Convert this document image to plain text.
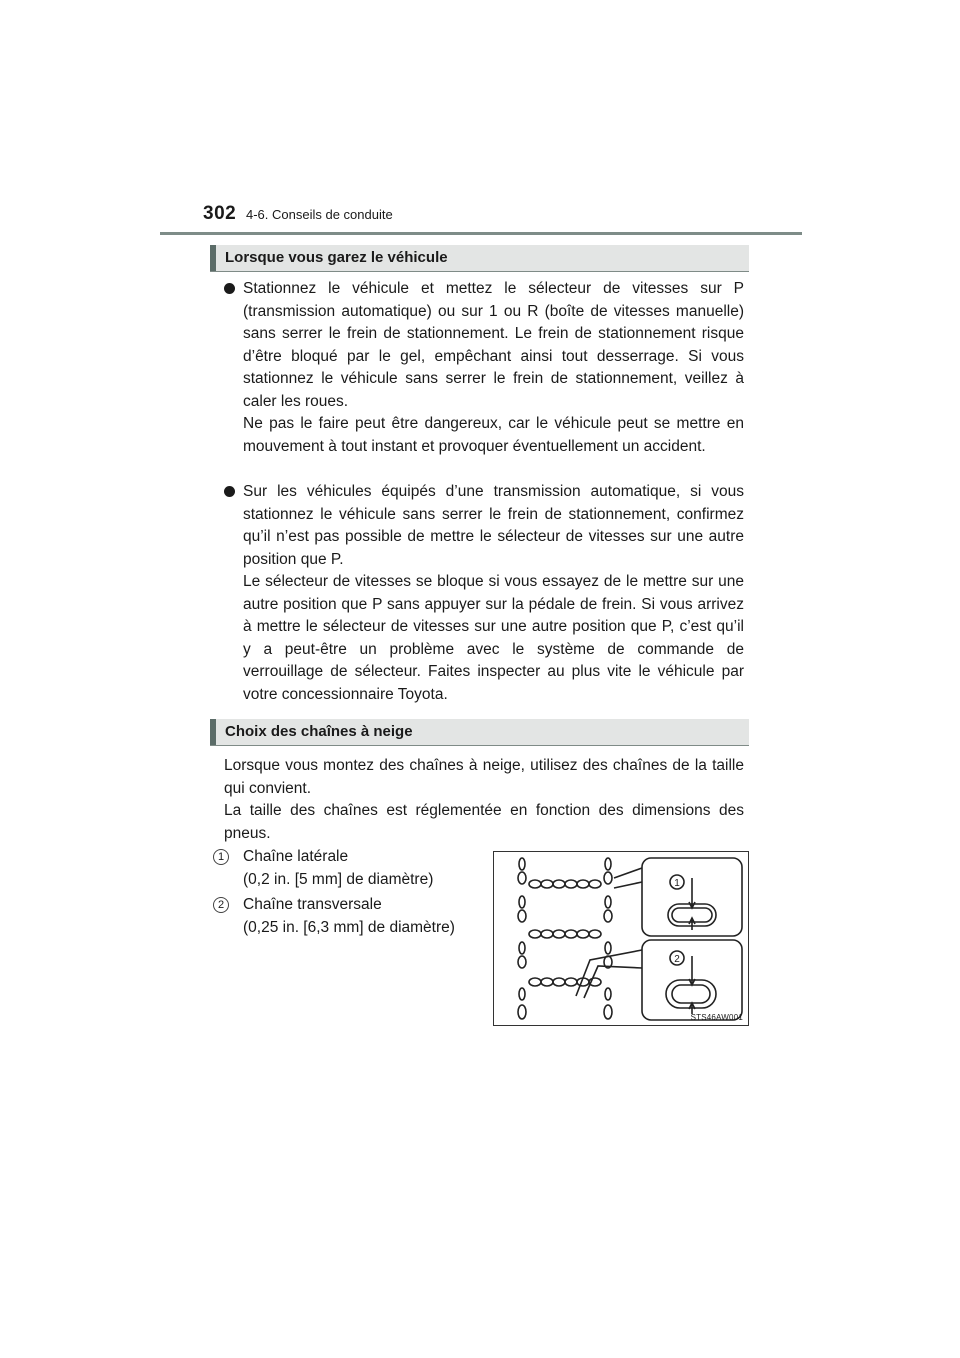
302 4-6. Conseils de conduite
Lorsque vous garez le véhicule

Stationnez le véhicule et mettez le sélecteur de vitesses sur P (transmission automatique) ou sur 1 ou R (boîte de vitesses manuelle) sans serrer le frein de stationnement. Le frein de stationnement risque d’être bloqué par le gel, empêchant ainsi tout desserrage. Si vous stationnez le véhicule sans serrer le frein de stationnement, veillez à caler les roues.

Ne pas le faire peut être dangereux, car le véhicule peut se mettre en mouvement à tout instant et provoquer éventuellement un accident.

Sur les véhicules équipés d’une transmission automatique, si vous stationnez le véhicule sans serrer le frein de stationnement, confirmez qu’il n’est pas possible de mettre le sélecteur de vitesses sur une autre position que P.

Le sélecteur de vitesses se bloque si vous essayez de le mettre sur une autre position que P sans appuyer sur la pédale de frein. Si vous arrivez à mettre le sélecteur de vitesses sur une autre position que P, c’est qu’il y a peut-être un problème avec le système de commande de verrouillage de sélecteur. Faites inspecter au plus vite le véhicule par votre concessionnaire Toyota.

Choix des chaînes à neige

Lorsque vous montez des chaînes à neige, utilisez des chaînes de la taille qui convient.

La taille des chaînes est réglementée en fonction des dimensions des pneus.

1	Chaîne latérale
(0,2 in. [5 mm] de diamètre)
2	Chaîne transversale
(0,25 in. [6,3 mm] de diamètre)
1
2
STS46AW001
